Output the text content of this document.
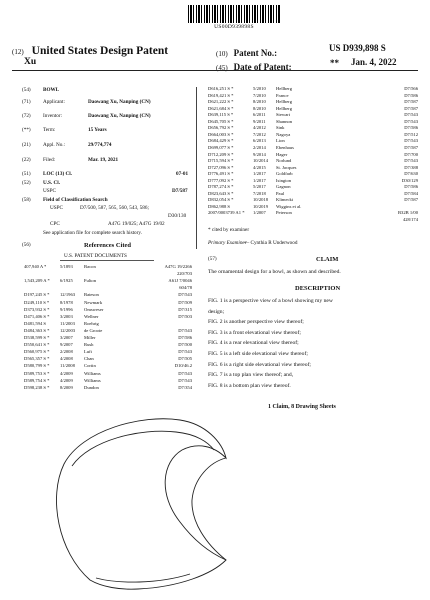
US00D939898S
(12) United States Design Patent	(10) Patent No.:	US D939,898 S
Xu
(45) Date of Patent:	** Jan. 4, 2022
(54) BOWL
(71) Applicant:	Daowang Xu, Nanping (CN)
(72) Inventor:	Daowang Xu, Nanping (CN)
(**) Term:	15 Years
(21) Appl. No.:	29/774,774
(22) Filed:	Mar. 19, 2021
(51) LOC (13) Cl.	07-01
(52) U.S. Cl.
USPC	D7/587
(58) Field of Classification Search
USPC	D7/500, 587, 565, 560, 543, 586;
D30/130
CPC	A47G 19/025; A47G 19/02
See application file for complete search history.
(56)	References Cited
U.S. PATENT DOCUMENTS
407,940 A *	5/1893 Bacon	A47G 19/2266
220/703
1,543,209 A * 6/1925 Fulton	A61J 7/0046
604/78
D197,245 S * 12/1963 Bateson	D7/543
D249,110 S * 8/1978 Newmark	D7/509
D373,932 S * 9/1996 Omsweser	D7/315
D471,406 S * 3/2003 Wellner	D7/503
D481,594 S	11/2003 Roehrig
D484,363 S * 12/2003 de Groote	D7/543
D538,599 S * 3/2007 Miller	D7/586
D550,641 S * 9/2007 Rush	D7/500
D560,975 S * 2/2008 Luft	D7/543
D565,357 S * 4/2008 Chan	D7/505
D580,799 S * 11/2008 Cortin	D10/46.2
D589,753 S * 4/2009 Williams	D7/543
D589,754 S * 4/2009 Williams	D7/543
D598,238 S * 8/2009 Dundon	D7/354
D616,251 S *	5/2010 Hellberg	D7/566
D619,421 S *	7/2010 France	D7/586
D621,222 S *	8/2010 Hellberg	D7/587
D621,684 S *	8/2010 Hellberg	D7/587
D639,115 S *	6/2011 Stewart	D7/543
D645,705 S *	9/2011 Shannon	D7/543
D656,792 S *	4/2012 Sink	D7/586
D664,003 S *	7/2012 Nagoya	D7/512
D684,429 S *	6/2013 Lion	D7/543
D699,077 S *	2/2014 Ebenhaus	D7/587
D712,209 S *	9/2014 Hager	D7/700
D715,594 S *	10/2014 Norlund	D7/543
D727,096 S *	4/2015 St. Jacques	D7/388
D776,491 S *	1/2017 Goldfarb	D7/630
D777,092 S *	1/2017 Isington	D30/129
D787,274 S *	5/2017 Gagnon	D7/586
D823,643 S *	7/2018 Paul	D7/584
D832,054 S *	10/2018 Klimecki	D7/587
D862,988 S	10/2019 Wiggins et al.
2007/0003739 A1 * 1/2007 Peterson	B32B 1/00
428/174
* cited by examiner
Primary Examiner
— Cynthia R Underwood
(57)	CLAIM
The ornamental design for a bowl, as shown and described.
DESCRIPTION
FIG. 1 is a perspective view of a bowl showing my new
design;
FIG. 2 is another perspective view thereof;
FIG. 3 is a front elevational view thereof;
FIG. 4 is a rear elevational view thereof;
FIG. 5 is a left side elevational view thereof;
FIG. 6 is a right side elevational view thereof;
FIG. 7 is a top plan view thereof; and,
FIG. 8 is a bottom plan view thereof.
1 Claim, 8 Drawing Sheets
